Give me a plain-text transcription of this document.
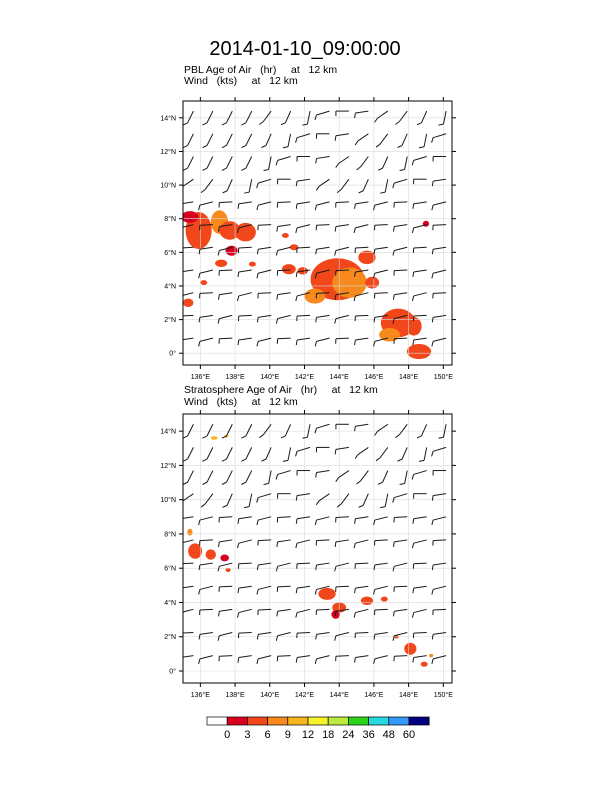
2014-01-10_09:00:00
PBL Age of Air   (hr)     at   12 km
Wind   (kts)     at   12 km
136°E 138°E 140°E 142°E 144°E 146°E 148°E 150°E
0°
2°N
4°N
6°N
8°N
10°N
12°N
14°N
Stratosphere Age of Air   (hr)     at   12 km
Wind   (kts)     at   12 km
136°E 138°E 140°E 142°E 144°E 146°E 148°E 150°E
0°
2°N
4°N
6°N
8°N
10°N
12°N
14°N
0 3 6 9 12 18 24 36 48 60
